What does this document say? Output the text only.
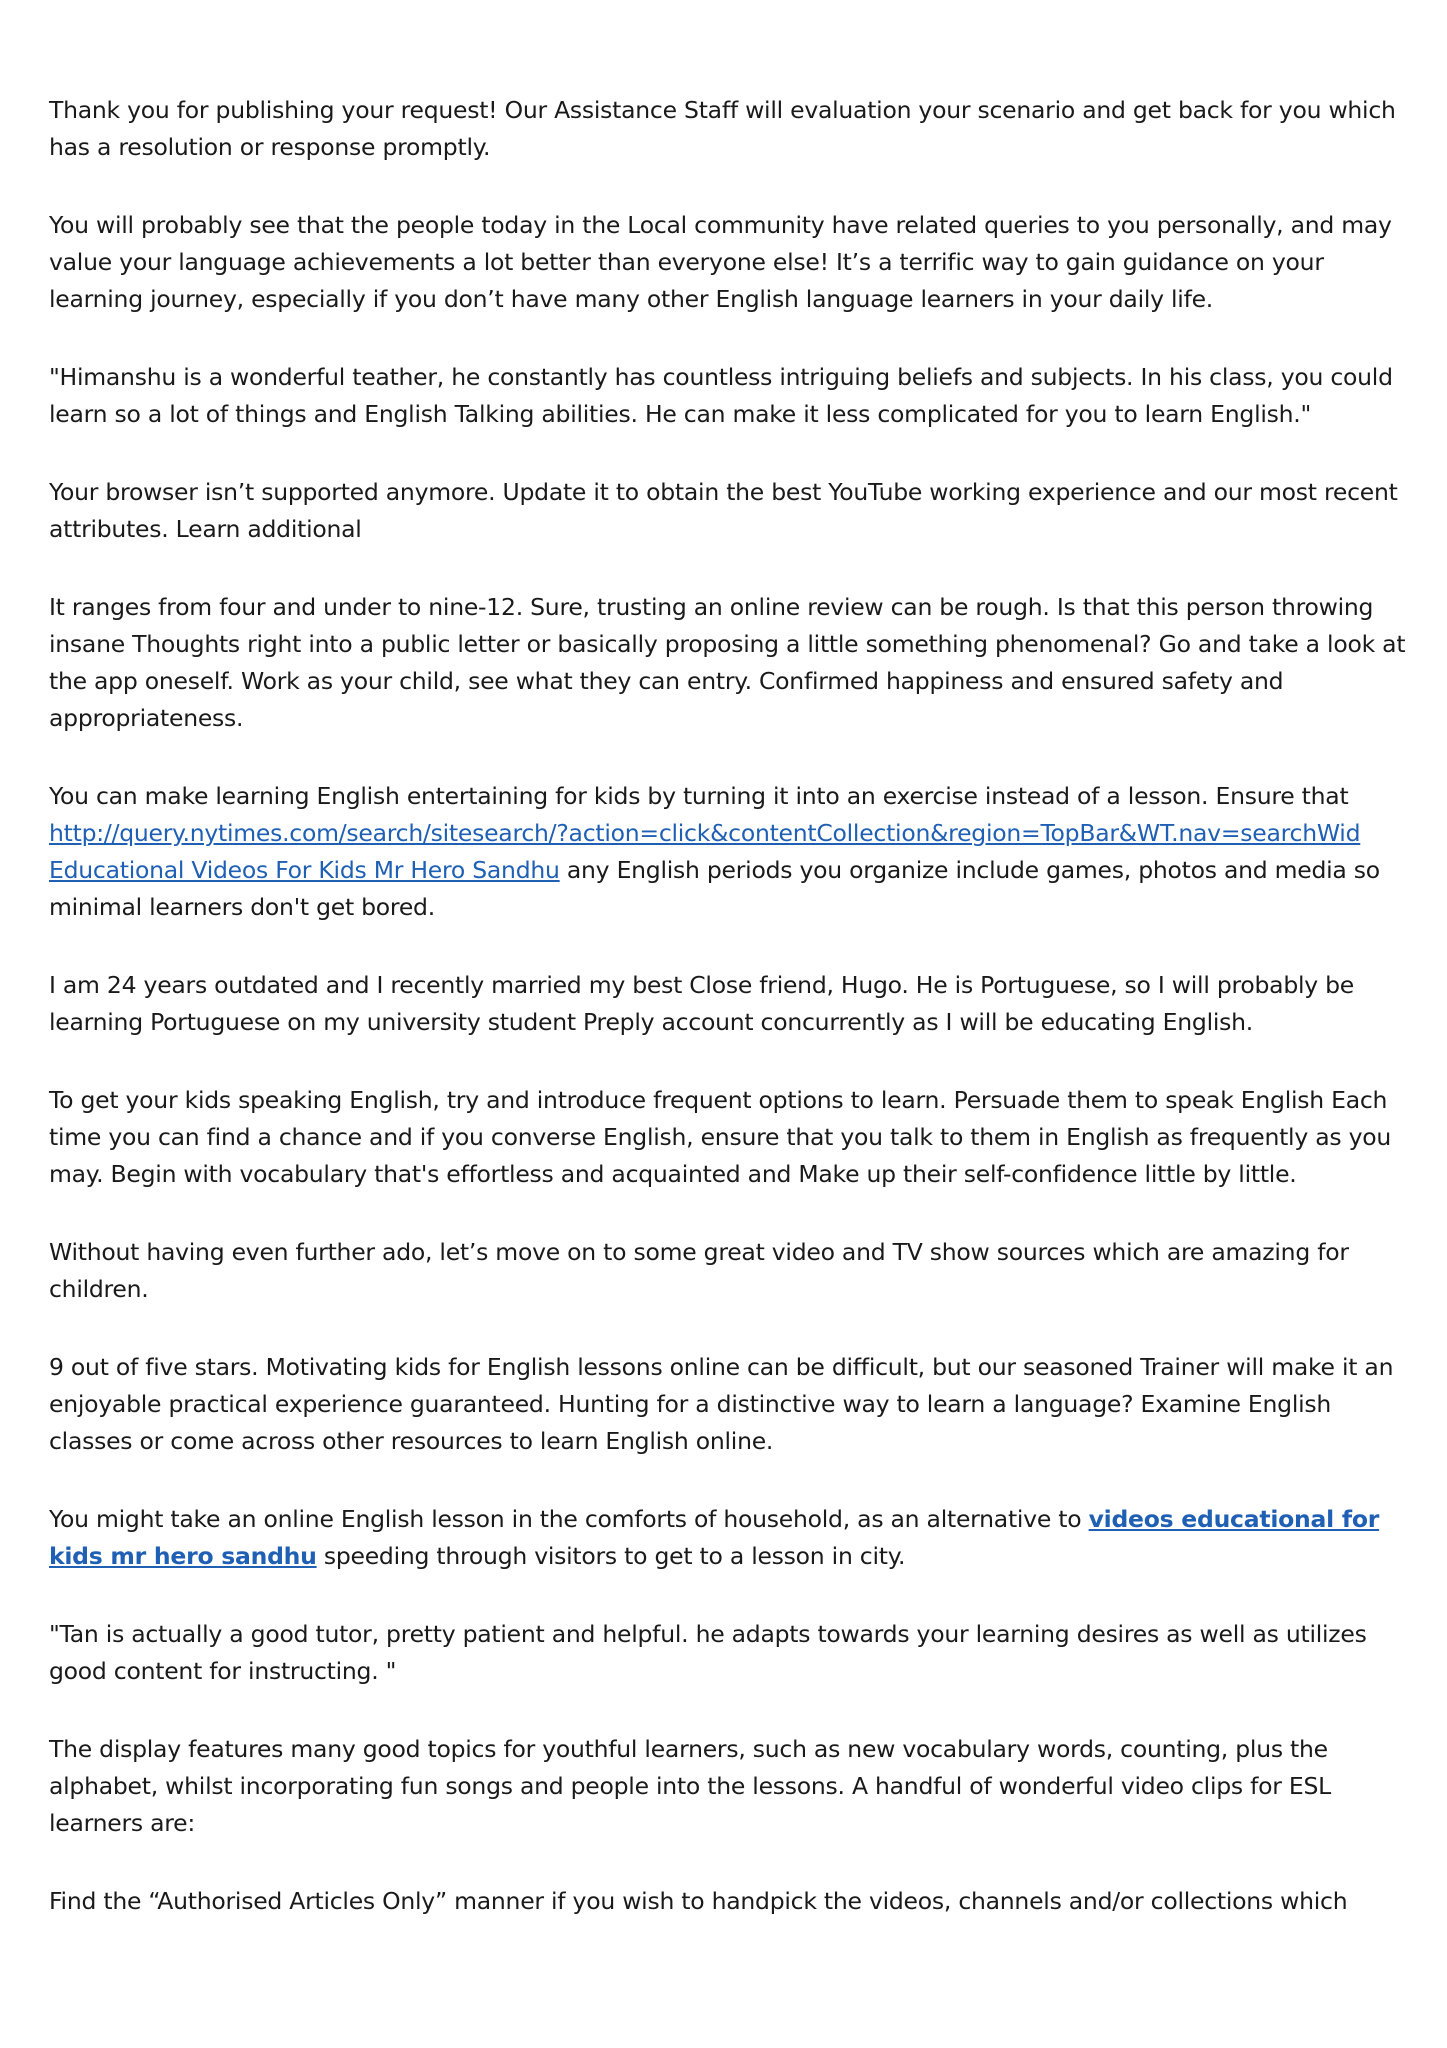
Thank you for publishing your request! Our Assistance Staff will evaluation your scenario and get back for you which has a resolution or response promptly.

You will probably see that the people today in the Local community have related queries to you personally, and may value your language achievements a lot better than everyone else! It’s a terrific way to gain guidance on your learning journey, especially if you don’t have many other English language learners in your daily life.

"Himanshu is a wonderful teather, he constantly has countless intriguing beliefs and subjects. In his class, you could learn so a lot of things and English Talking abilities. He can make it less complicated for you to learn English."

Your browser isn’t supported anymore. Update it to obtain the best YouTube working experience and our most recent attributes. Learn additional

It ranges from four and under to nine-12. Sure, trusting an online review can be rough. Is that this person throwing insane Thoughts right into a public letter or basically proposing a little something phenomenal? Go and take a look at the app oneself. Work as your child, see what they can entry. Confirmed happiness and ensured safety and appropriateness.

You can make learning English entertaining for kids by turning it into an exercise instead of a lesson. Ensure that
http://query.nytimes.com/search/sitesearch/?action=click&contentCollection&region=TopBar&WT.nav=searchWid
Educational Videos For Kids Mr Hero Sandhu any English periods you organize include games, photos and media so minimal learners don't get bored.

I am 24 years outdated and I recently married my best Close friend, Hugo. He is Portuguese, so I will probably be learning Portuguese on my university student Preply account concurrently as I will be educating English.

To get your kids speaking English, try and introduce frequent options to learn. Persuade them to speak English Each time you can find a chance and if you converse English, ensure that you talk to them in English as frequently as you may. Begin with vocabulary that's effortless and acquainted and Make up their self-confidence little by little.

Without having even further ado, let’s move on to some great video and TV show sources which are amazing for children.

9 out of five stars. Motivating kids for English lessons online can be difficult, but our seasoned Trainer will make it an enjoyable practical experience guaranteed. Hunting for a distinctive way to learn a language? Examine English classes or come across other resources to learn English online.

You might take an online English lesson in the comforts of household, as an alternative to videos educational for kids mr hero sandhu speeding through visitors to get to a lesson in city.

"Tan is actually a good tutor, pretty patient and helpful. he adapts towards your learning desires as well as utilizes good content for instructing. "

The display features many good topics for youthful learners, such as new vocabulary words, counting, plus the alphabet, whilst incorporating fun songs and people into the lessons. A handful of wonderful video clips for ESL learners are:

Find the “Authorised Articles Only” manner if you wish to handpick the videos, channels and/or collections which
